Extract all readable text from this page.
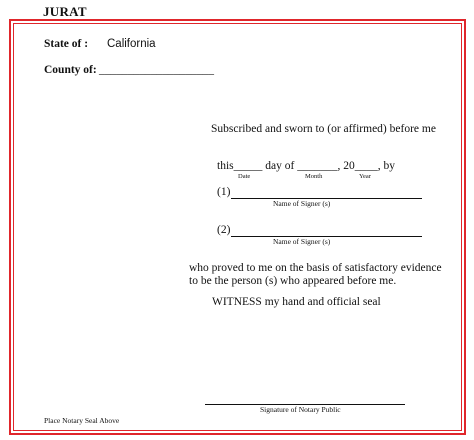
JURAT
State of : California
County of: ____________________
Subscribed and sworn to (or affirmed) before me
this_____ day of _______, 20____, by
Date	Month	Year
(1)
Name of Signer (s)
(2)
Name of Signer (s)
who proved to me on the basis of satisfactory evidence
to be the person (s) who appeared before me.
WITNESS my hand and official seal
Signature of Notary Public
Place Notary Seal Above
